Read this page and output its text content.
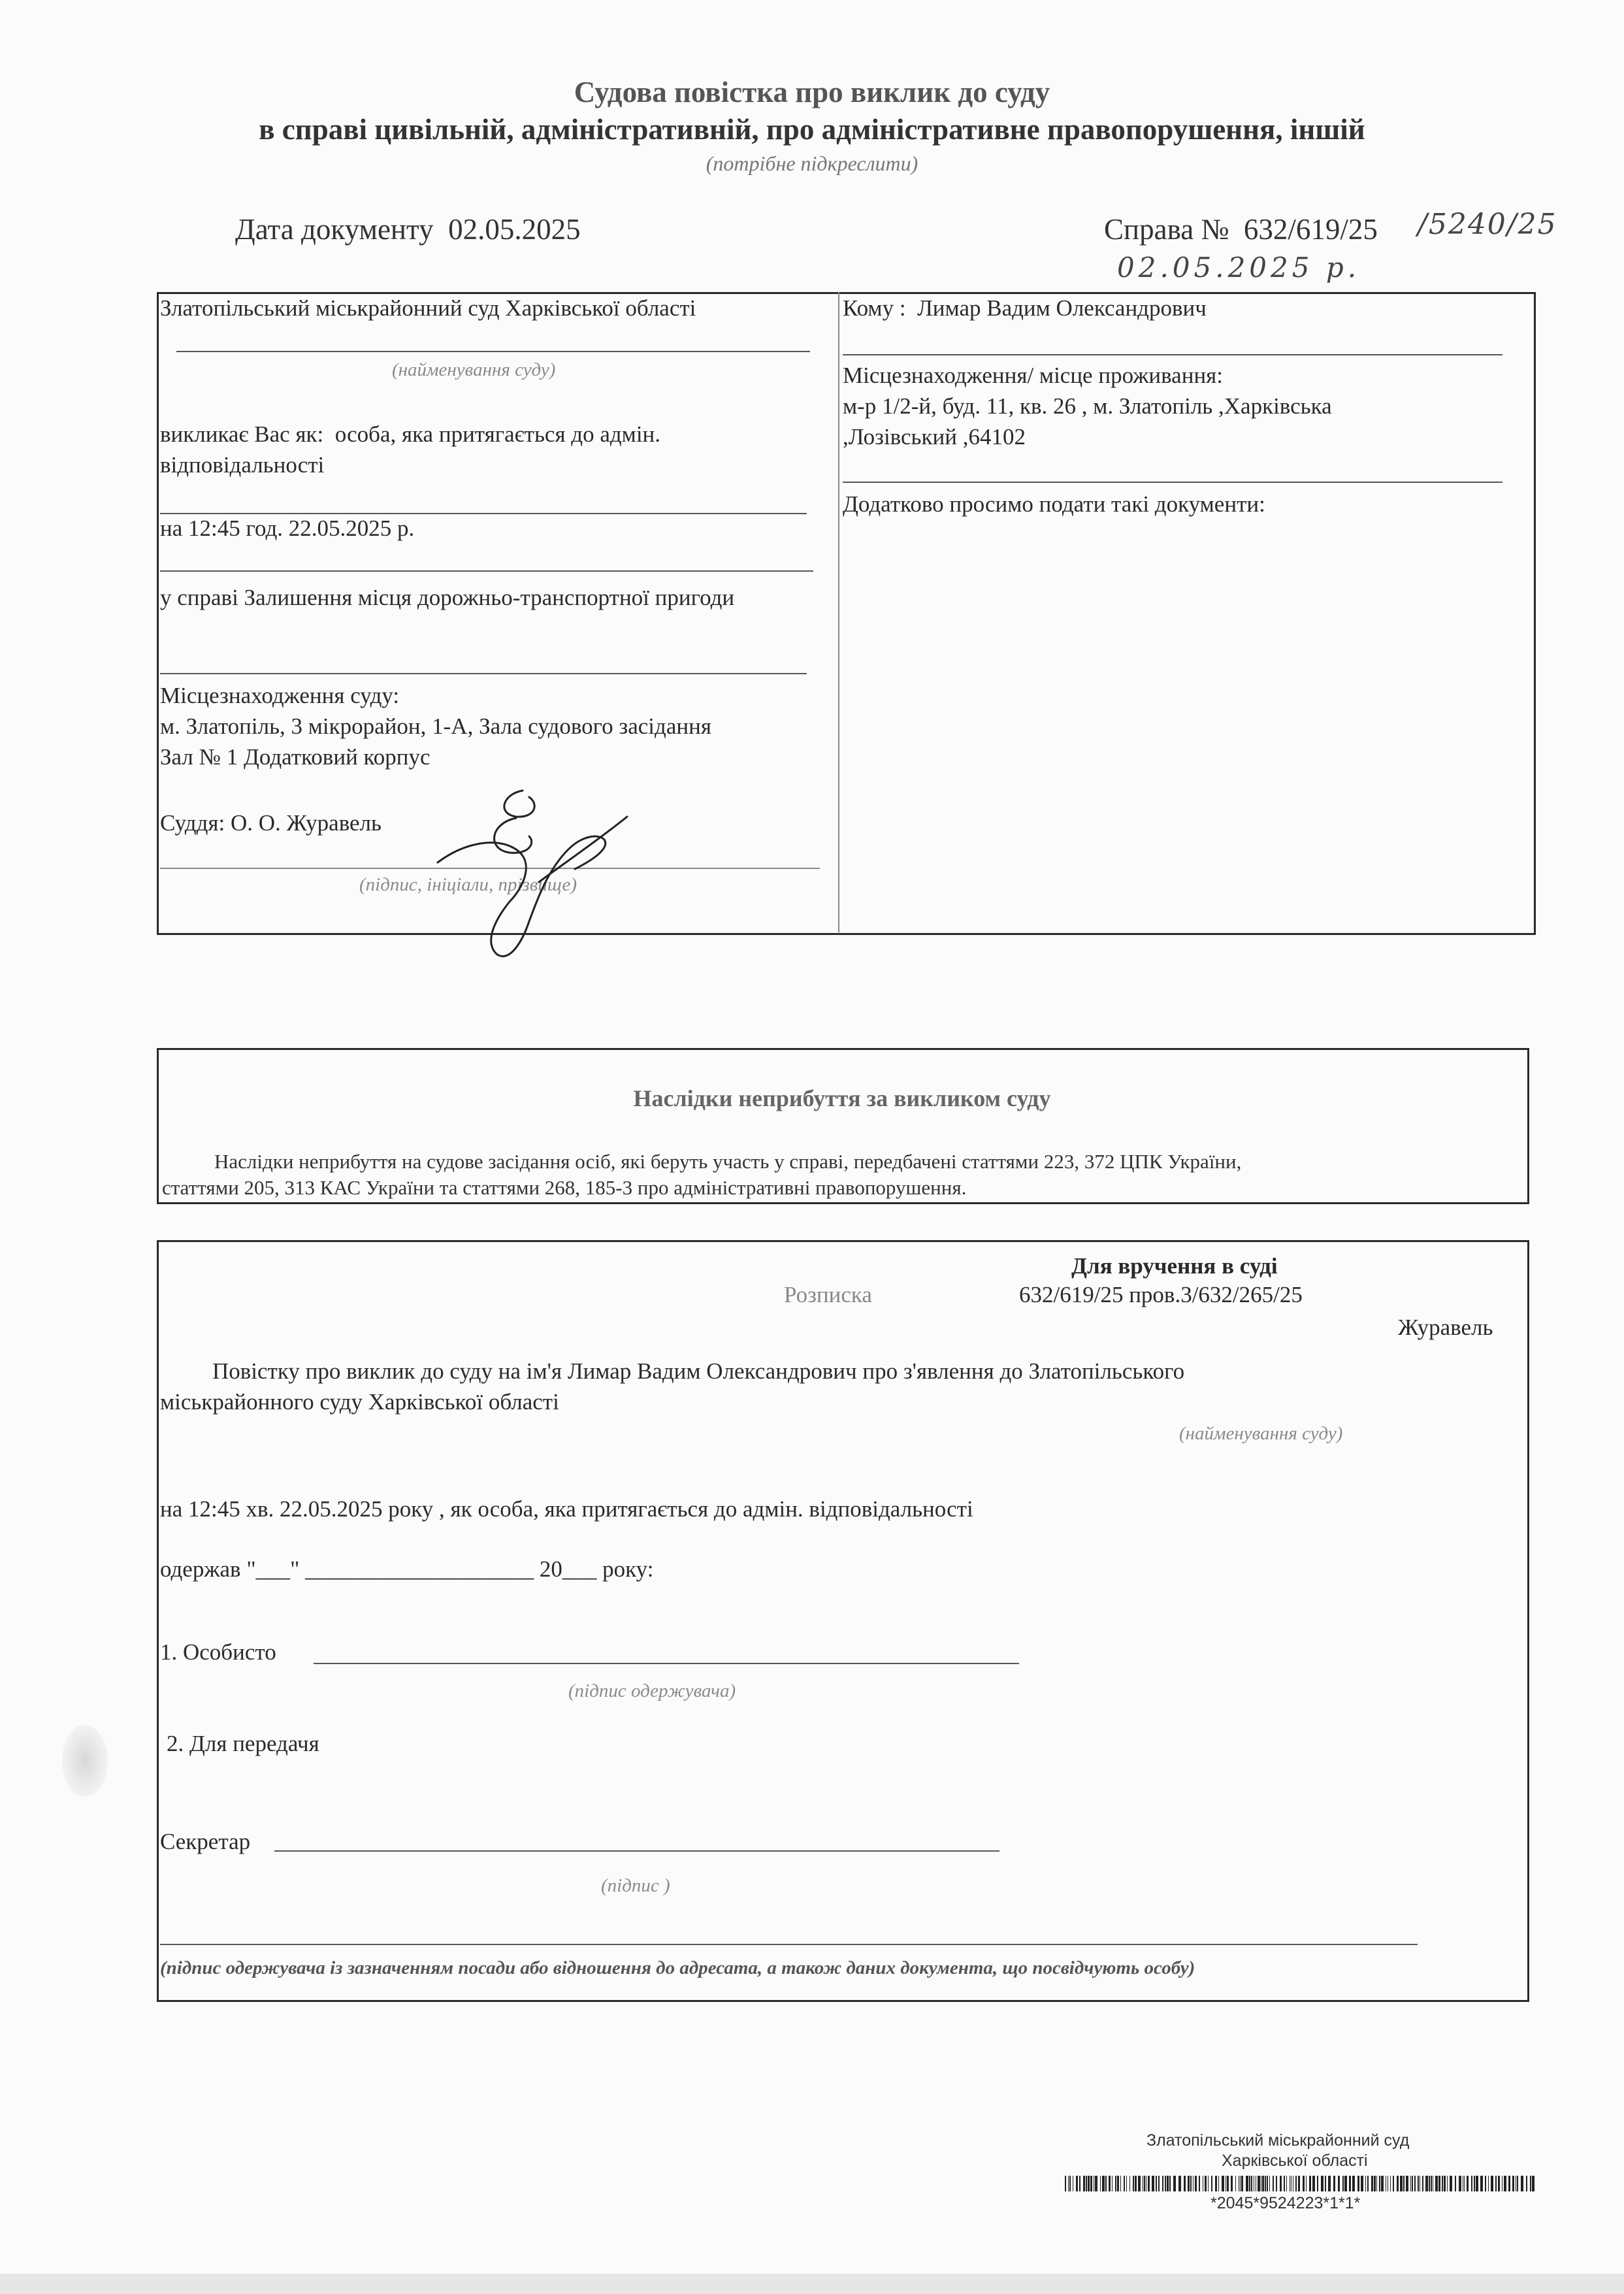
Судова повістка про виклик до суду
в справі цивільній, адміністративній, про адміністративне правопорушення, іншій
(потрібне підкреслити)
Дата документу 02.05.2025	Справа № 632/619/25 /5240/25
02.05.2025 р.
Златопільський міськрайонний суд Харківської області
(найменування суду)
викликає Вас як: особа, яка притягається до адмін.
відповідальності
на 12:45 год. 22.05.2025 р.
у справі Залишення місця дорожньо-транспортної пригоди
Місцезнаходження суду:
м. Златопіль, 3 мікрорайон, 1-А, Зала судового засідання
Зал № 1 Додатковий корпус
Суддя: О. О. Журавель
(підпис, ініціали, прізвище)
Кому : Лимар Вадим Олександрович
Місцезнаходження/ місце проживання:
м-р 1/2-й, буд. 11, кв. 26 , м. Златопіль ,Харківська
,Лозівський ,64102
Додатково просимо подати такі документи:
Наслідки неприбуття за викликом суду
Наслідки неприбуття на судове засідання осіб, які беруть участь у справі, передбачені статтями 223, 372 ЦПК України,
статтями 205, 313 КАС України та статтями 268, 185-3 про адміністративні правопорушення.
Для вручення в суді
Розписка	632/619/25 пров.3/632/265/25
Журавель
Повістку про виклик до суду на ім'я Лимар Вадим Олександрович про з'явлення до Златопільського
міськрайонного суду Харківської області
(найменування суду)
на 12:45 хв. 22.05.2025 року , як особа, яка притягається до адмін. відповідальності
одержав "___" ____________________ 20___ року:
1. Особисто
(підпис одержувача)
2. Для передачя
Секретар
(підпис )
(підпис одержувача із зазначенням посади або відношення до адресата, а також даних документа, що посвідчують особу)
Златопільський міськрайонний суд
Харківської області
*2045*9524223*1*1*
